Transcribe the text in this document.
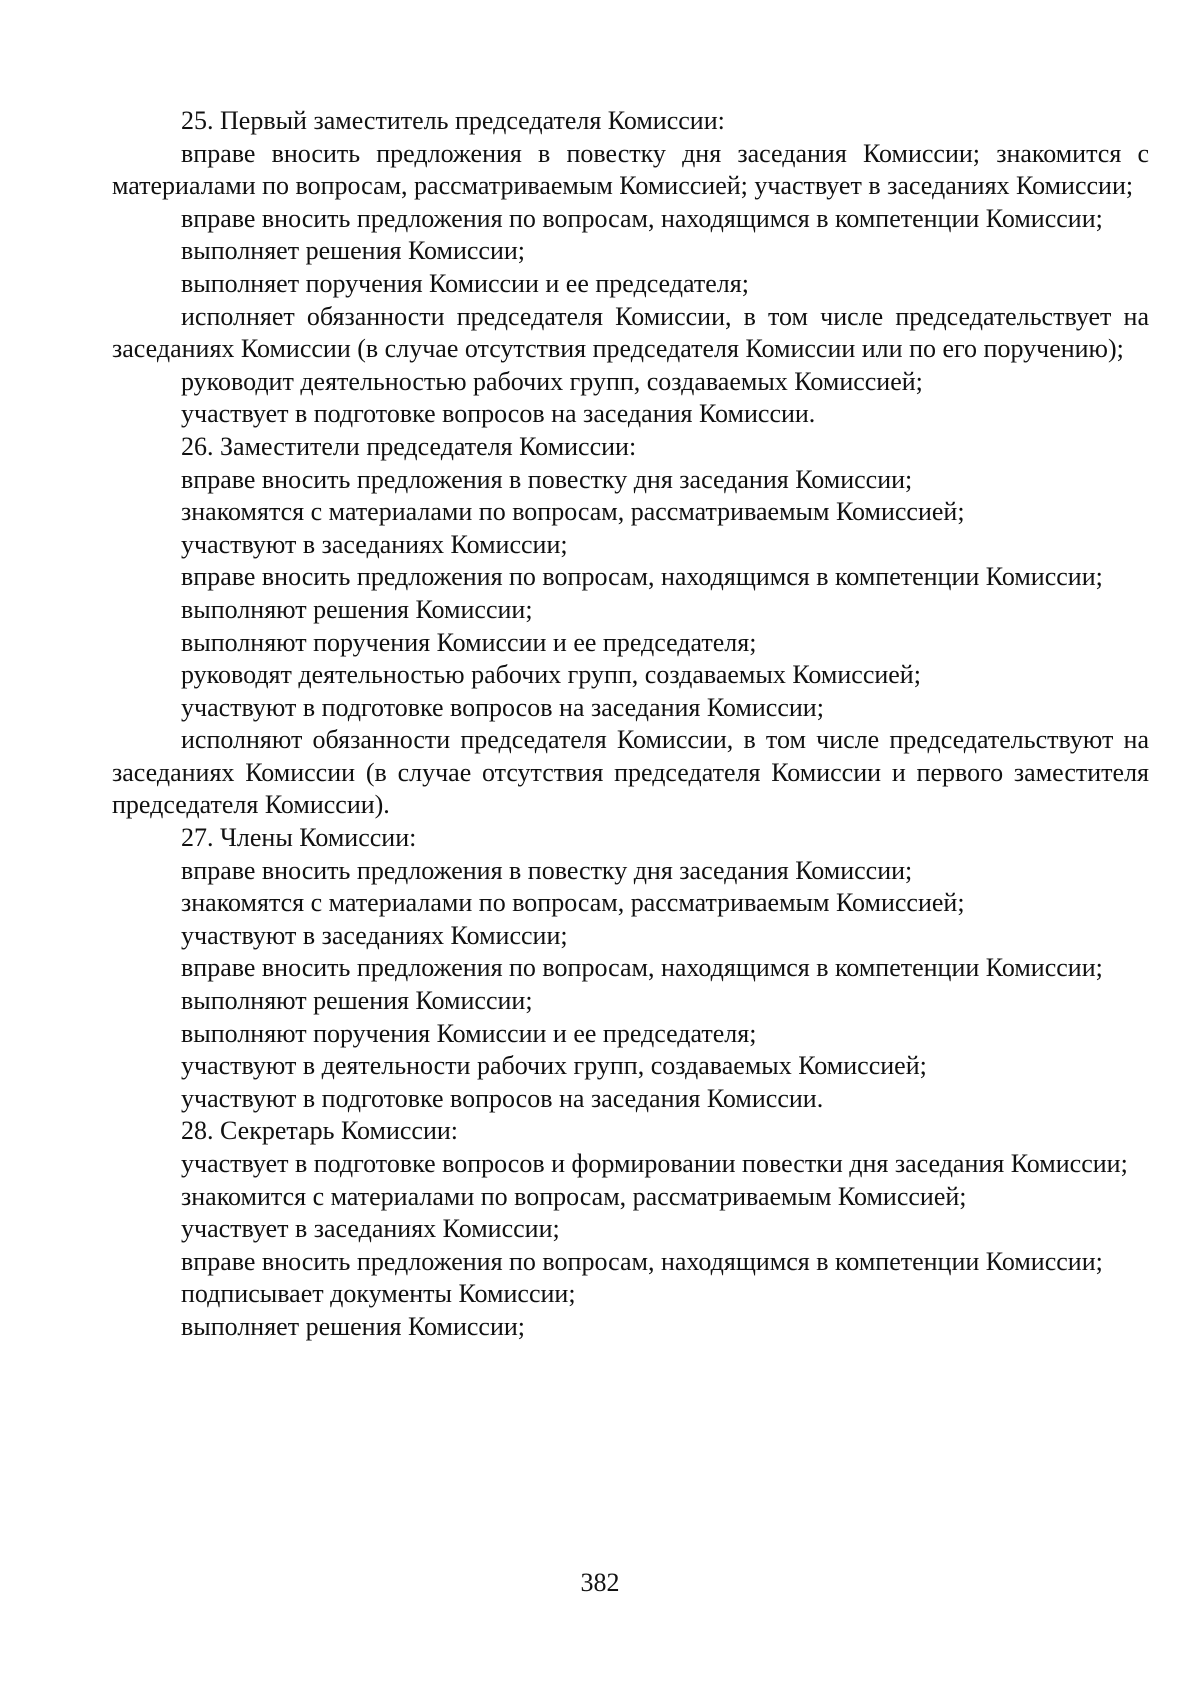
25. Первый заместитель председателя Комиссии:

вправе вносить предложения в повестку дня заседания Комиссии; знакомится с материалами по вопросам, рассматриваемым Комиссией; участвует в заседаниях Комиссии;

вправе вносить предложения по вопросам, находящимся в компетенции Комиссии;

выполняет решения Комиссии;

выполняет поручения Комиссии и ее председателя;

исполняет обязанности председателя Комиссии, в том числе председательствует на заседаниях Комиссии (в случае отсутствия председателя Комиссии или по его поручению);

руководит деятельностью рабочих групп, создаваемых Комиссией;

участвует в подготовке вопросов на заседания Комиссии.

26. Заместители председателя Комиссии:

вправе вносить предложения в повестку дня заседания Комиссии;

знакомятся с материалами по вопросам, рассматриваемым Комиссией;

участвуют в заседаниях Комиссии;

вправе вносить предложения по вопросам, находящимся в компетенции Комиссии;

выполняют решения Комиссии;

выполняют поручения Комиссии и ее председателя;

руководят деятельностью рабочих групп, создаваемых Комиссией;

участвуют в подготовке вопросов на заседания Комиссии;

исполняют обязанности председателя Комиссии, в том числе председательствуют на заседаниях Комиссии (в случае отсутствия председателя Комиссии и первого заместителя председателя Комиссии).

27. Члены Комиссии:

вправе вносить предложения в повестку дня заседания Комиссии;

знакомятся с материалами по вопросам, рассматриваемым Комиссией;

участвуют в заседаниях Комиссии;

вправе вносить предложения по вопросам, находящимся в компетенции Комиссии;

выполняют решения Комиссии;

выполняют поручения Комиссии и ее председателя;

участвуют в деятельности рабочих групп, создаваемых Комиссией;

участвуют в подготовке вопросов на заседания Комиссии.

28. Секретарь Комиссии:

участвует в подготовке вопросов и формировании повестки дня заседания Комиссии;

знакомится с материалами по вопросам, рассматриваемым Комиссией;

участвует в заседаниях Комиссии;

вправе вносить предложения по вопросам, находящимся в компетенции Комиссии;

подписывает документы Комиссии;

выполняет решения Комиссии;

382
